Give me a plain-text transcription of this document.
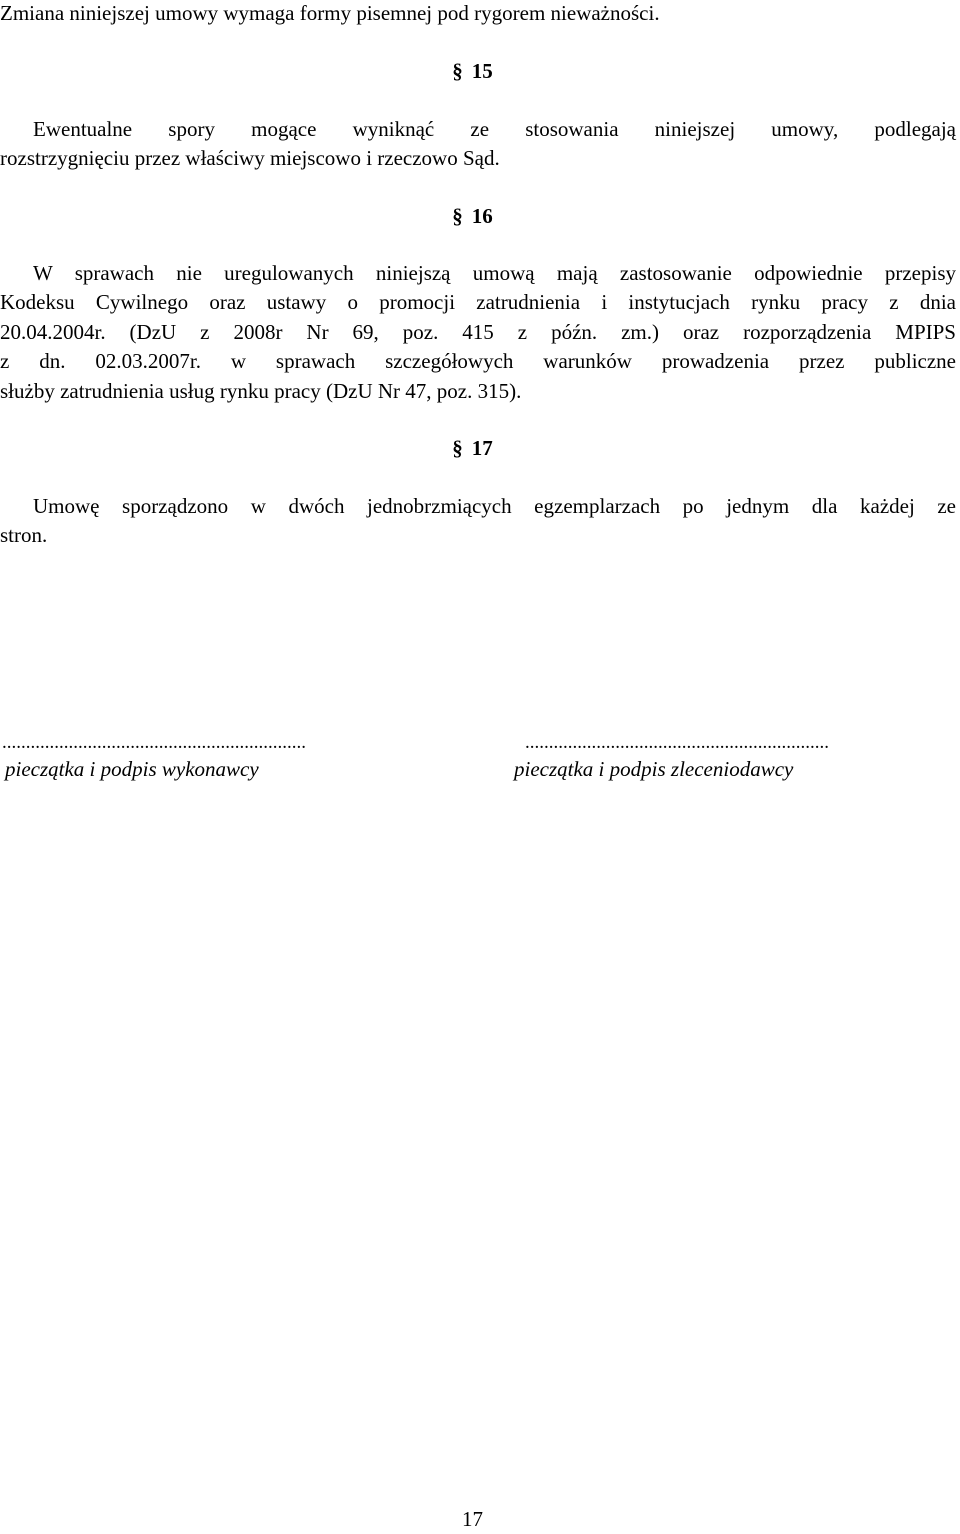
Zmiana niniejszej umowy wymaga formy pisemnej pod rygorem nieważności.
§ 15
Ewentualne spory mogące wyniknąć ze stosowania niniejszej umowy, podlegają
rozstrzygnięciu przez właściwy miejscowo i rzeczowo Sąd.
§ 16
W sprawach nie uregulowanych niniejszą umową mają zastosowanie odpowiednie przepisy
Kodeksu Cywilnego oraz ustawy o promocji zatrudnienia i instytucjach rynku pracy z dnia
20.04.2004r. (DzU z 2008r Nr 69, poz. 415 z późn. zm.) oraz rozporządzenia MPIPS
z dn. 02.03.2007r. w sprawach szczegółowych warunków prowadzenia przez publiczne
służby zatrudnienia usług rynku pracy (DzU Nr 47, poz. 315).
§ 17
Umowę sporządzono w dwóch jednobrzmiących egzemplarzach po jednym dla każdej ze
stron.
................................................................
pieczątka i podpis wykonawcy
................................................................
pieczątka i podpis zleceniodawcy
17
